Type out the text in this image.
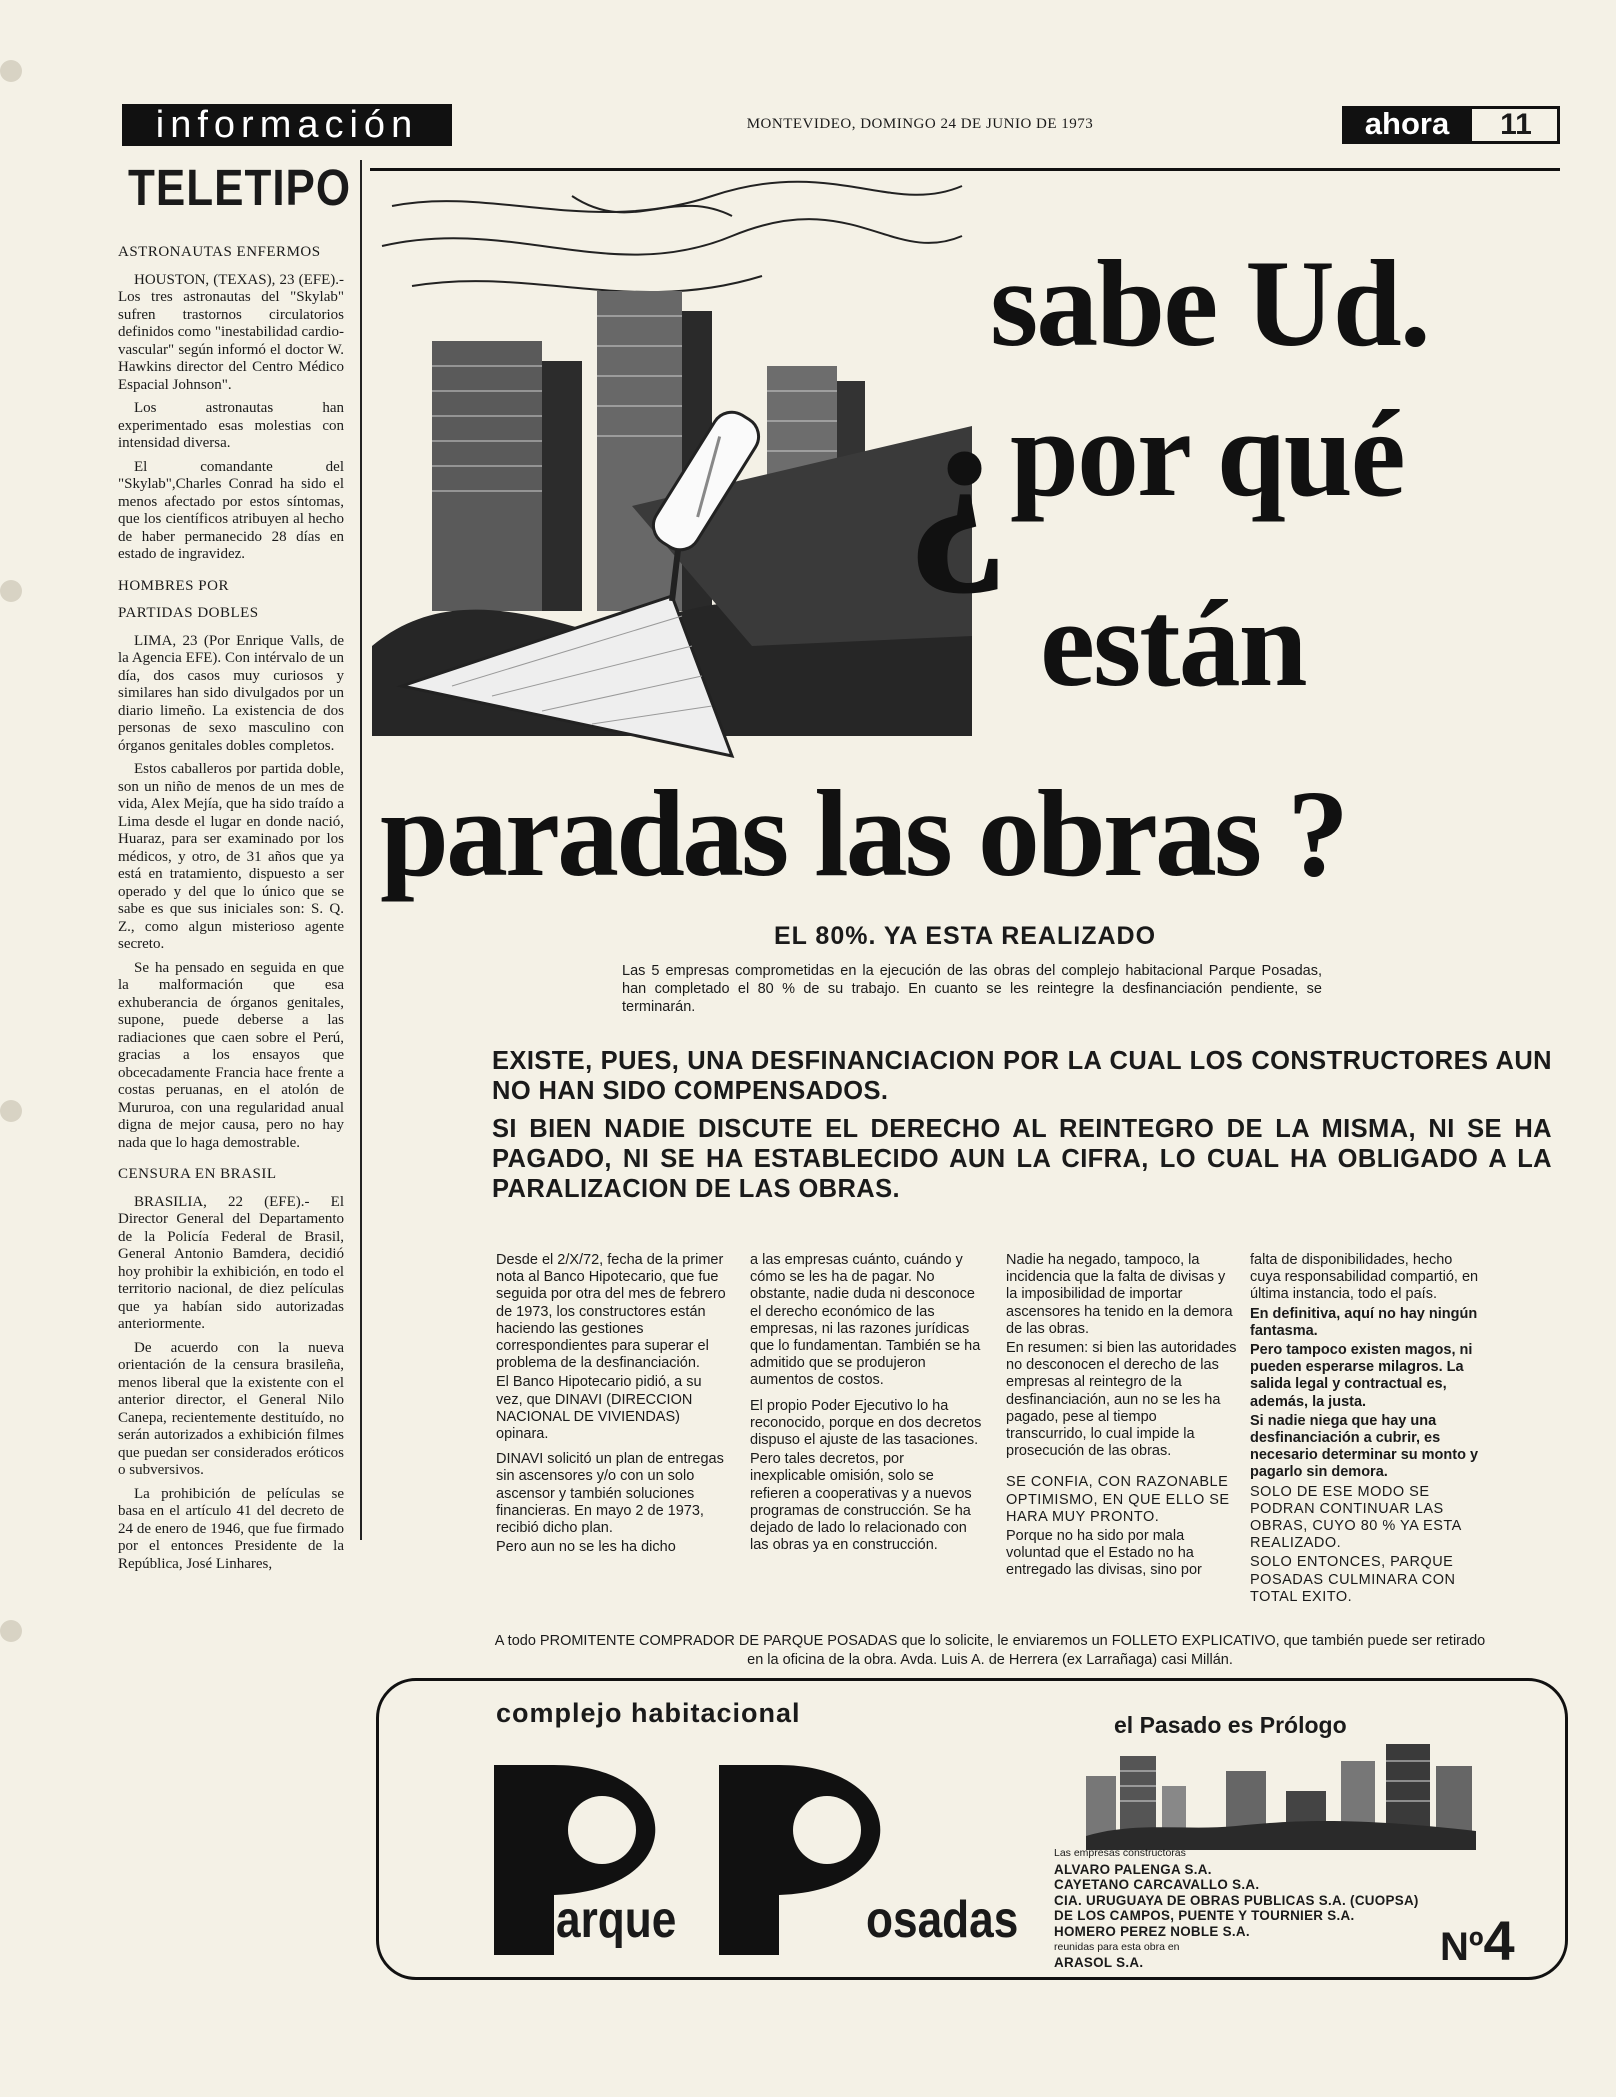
información	MONTEVIDEO, DOMINGO 24 DE JUNIO DE 1973	ahora	11
TELETIPO

ASTRONAUTAS ENFERMOS

HOUSTON, (TEXAS), 23 (EFE).- Los tres astronautas del "Skylab" sufren trastornos circulatorios definidos como "inestabilidad cardio-vascular" según informó el doctor W. Hawkins director del Centro Médico Espacial Johnson".

Los astronautas han experimentado esas molestias con intensidad diversa.

El comandante del "Skylab",Charles Conrad ha sido el menos afectado por estos síntomas, que los científicos atribuyen al hecho de haber permanecido 28 días en estado de ingravidez.

HOMBRES POR

PARTIDAS DOBLES

LIMA, 23 (Por Enrique Valls, de la Agencia EFE). Con intérvalo de un día, dos casos muy curiosos y similares han sido divulgados por un diario limeño. La existencia de dos personas de sexo masculino con órganos genitales dobles completos.

Estos caballeros por partida doble, son un niño de menos de un mes de vida, Alex Mejía, que ha sido traído a Lima desde el lugar en donde nació, Huaraz, para ser examinado por los médicos, y otro, de 31 años que ya está en tratamiento, dispuesto a ser operado y del que lo único que se sabe es que sus iniciales son: S. Q. Z., como algun misterioso agente secreto.

Se ha pensado en seguida en que la malformación que esa exhuberancia de órganos genitales, supone, puede deberse a las radiaciones que caen sobre el Perú, gracias a los ensayos que obcecadamente Francia hace frente a costas peruanas, en el atolón de Mururoa, con una regularidad anual digna de mejor causa, pero no hay nada que lo haga demostrable.

CENSURA EN BRASIL

BRASILIA, 22 (EFE).- El Director General del Departamento de la Policía Federal de Brasil, General Antonio Bamdera, decidió hoy prohibir la exhibición, en todo el territorio nacional, de diez películas que ya habían sido autorizadas anteriormente.

De acuerdo con la nueva orientación de la censura brasileña, menos liberal que la existente con el anterior director, el General Nilo Canepa, recientemente destituído, no serán autorizados a exhibición filmes que puedan ser considerados eróticos o subversivos.

La prohibición de películas se basa en el artículo 41 del decreto de 24 de enero de 1946, que fue firmado por el entonces Presidente de la República, José Linhares,

¿
sabe Ud.
por qué
están
paradas las obras ?
EL 80%. YA ESTA REALIZADO
Las 5 empresas comprometidas en la ejecución de las obras del complejo habitacional Parque Posadas, han completado el 80 % de su trabajo. En cuanto se les reintegre la desfinanciación pendiente, se terminarán.
EXISTE, PUES, UNA DESFINANCIACION POR LA CUAL LOS CONSTRUCTORES AUN NO HAN SIDO COMPENSADOS.
SI BIEN NADIE DISCUTE EL DERECHO AL REINTEGRO DE LA MISMA, NI SE HA PAGADO, NI SE HA ESTABLECIDO AUN LA CIFRA, LO CUAL HA OBLIGADO A LA PARALIZACION DE LAS OBRAS.

Desde el 2/X/72, fecha de la primer nota al Banco Hipotecario, que fue seguida por otra del mes de febrero de 1973, los constructores están haciendo las gestiones correspondientes para superar el problema de la desfinanciación.

El Banco Hipotecario pidió, a su vez, que DINAVI (DIRECCION NACIONAL DE VIVIENDAS) opinara.

DINAVI solicitó un plan de entregas sin ascensores y/o con un solo ascensor y también soluciones financieras. En mayo 2 de 1973, recibió dicho plan.

Pero aun no se les ha dicho

a las empresas cuánto, cuándo y cómo se les ha de pagar. No obstante, nadie duda ni desconoce el derecho económico de las empresas, ni las razones jurídicas que lo fundamentan. También se ha admitido que se produjeron aumentos de costos.

El propio Poder Ejecutivo lo ha reconocido, porque en dos decretos dispuso el ajuste de las tasaciones.

Pero tales decretos, por inexplicable omisión, solo se refieren a cooperativas y a nuevos programas de construcción. Se ha dejado de lado lo relacionado con las obras ya en construcción.

Nadie ha negado, tampoco, la incidencia que la falta de divisas y la imposibilidad de importar ascensores ha tenido en la demora de las obras.

En resumen: si bien las autoridades no desconocen el derecho de las empresas al reintegro de la desfinanciación, aun no se les ha pagado, pese al tiempo transcurrido, lo cual impide la prosecución de las obras.

SE CONFIA, CON RAZONABLE OPTIMISMO, EN QUE ELLO SE HARA MUY PRONTO.

Porque no ha sido por mala voluntad que el Estado no ha entregado las divisas, sino por

falta de disponibilidades, hecho cuya responsabilidad compartió, en última instancia, todo el país.

En definitiva, aquí no hay ningún fantasma.

Pero tampoco existen magos, ni pueden esperarse milagros. La salida legal y contractual es, además, la justa.

Si nadie niega que hay una desfinanciación a cubrir, es necesario determinar su monto y pagarlo sin demora.

SOLO DE ESE MODO SE PODRAN CONTINUAR LAS OBRAS, CUYO 80 % YA ESTA REALIZADO.

SOLO ENTONCES, PARQUE POSADAS CULMINARA CON TOTAL EXITO.

A todo PROMITENTE COMPRADOR DE PARQUE POSADAS que lo solicite, le enviaremos un FOLLETO EXPLICATIVO, que también puede ser retirado en la oficina de la obra. Avda. Luis A. de Herrera (ex Larrañaga) casi Millán.
complejo habitacional
arque	osadas
el Pasado es Prólogo
Las empresas constructoras
ALVARO PALENGA S.A.
CAYETANO CARCAVALLO S.A.
CIA. URUGUAYA DE OBRAS PUBLICAS S.A. (CUOPSA)
DE LOS CAMPOS, PUENTE Y TOURNIER S.A.
HOMERO PEREZ NOBLE S.A.
reunidas para esta obra en
ARASOL S.A.	Nº4
